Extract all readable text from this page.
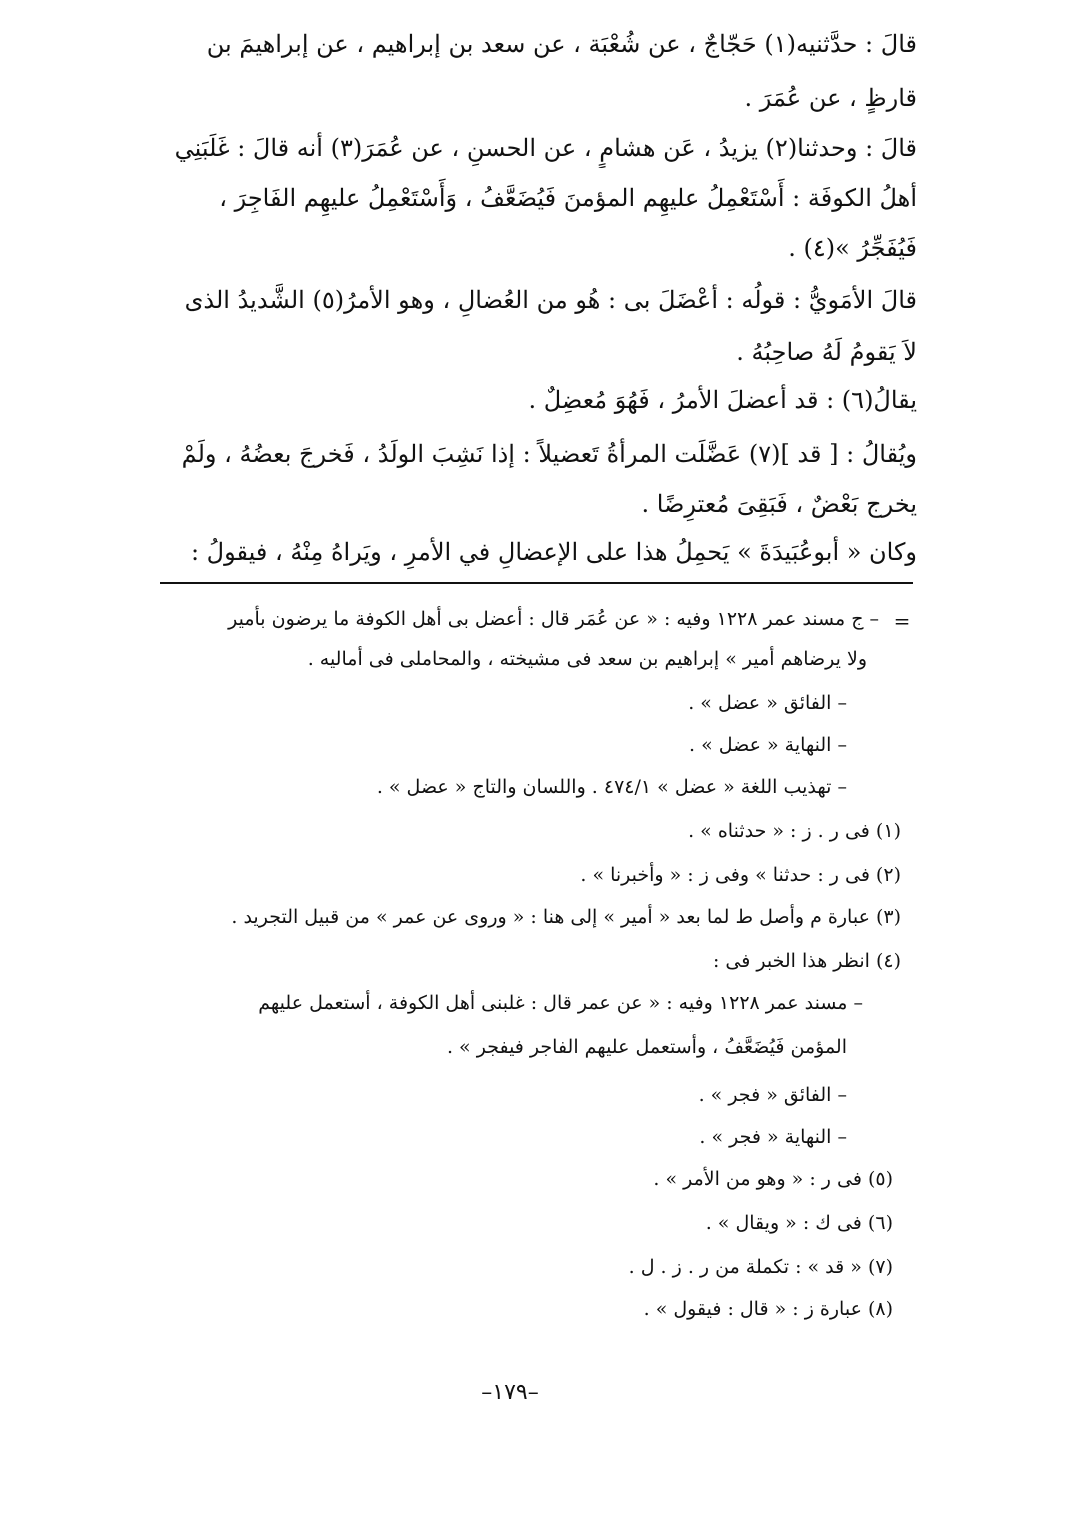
قالَ : حدَّثنيه(١) حَجّاجٌ ، عن شُعْبَة ، عن سعد بن إبراهيم ، عن إبراهيمَ بن
قارظٍ ، عن عُمَرَ .
قالَ : وحدثنا(٢) يزيدُ ، عَن هشامٍ ، عن الحسنِ ، عن عُمَرَ(٣) أنه قالَ : غَلَبَنِي
أهلُ الكوفَة : أَسْتَعْمِلُ عليهِم المؤمنَ فَيُضَعَّفُ ، وَأَسْتَعْمِلُ عليهِم الفَاجِرَ ،
فَيُفَجِّرُ »(٤) .
قالَ الأمَويُّ : قولُه : أعْضَلَ بى : هُو من العُضالِ ، وهو الأمرُ(٥) الشَّديدُ الذى
لاَ يَقومُ لَهُ صاحِبُهُ .
يقالُ(٦) : قد أعضلَ الأمرُ ، فَهُوَ مُعضِلٌ .
ويُقالُ : [ قد ](٧) عَضَّلَت المرأةُ تَعضيلاً : إذا نَشِبَ الولَدُ ، فَخرجَ بعضُهُ ، ولَمْ
يخرج بَعْضٌ ، فَبَقِىَ مُعترِضًا .
وكان « أبوعُبَيدَةَ » يَحمِلُ هذا على الإعضالِ في الأمرِ ، ويَراهُ مِنْهُ ، فيقولُ :
=
– ج مسند عمر ١٢٢٨ وفيه : « عن عُمَر قال : أعضل بى أهل الكوفة ما يرضون بأمير
ولا يرضاهم أمير » إبراهيم بن سعد فى مشيخته ، والمحاملى فى أماليه .
– الفائق « عضل » .
– النهاية « عضل » .
– تهذيب اللغة « عضل » ٤٧٤/١ . واللسان والتاج « عضل » .
(١) فى ر . ز : « حدثناه » .
(٢) فى ر : حدثنا » وفى ز : « وأخبرنا » .
(٣) عبارة م وأصل ط لما بعد « أمير » إلى هنا : « وروى عن عمر » من قبيل التجريد .
(٤) انظر هذا الخبر فى :
– مسند عمر ١٢٢٨ وفيه : « عن عمر قال : غلبنى أهل الكوفة ، أستعمل عليهم
المؤمن فَيُضَعَّفُ ، وأستعمل عليهم الفاجر فيفجر » .
– الفائق « فجر » .
– النهاية « فجر » .
(٥) فى ر : « وهو من الأمر » .
(٦) فى ك : « ويقال » .
(٧) « قد » : تكملة من ر . ز . ل .
(٨) عبارة ز : « قال : فيقول » .
–١٧٩–
